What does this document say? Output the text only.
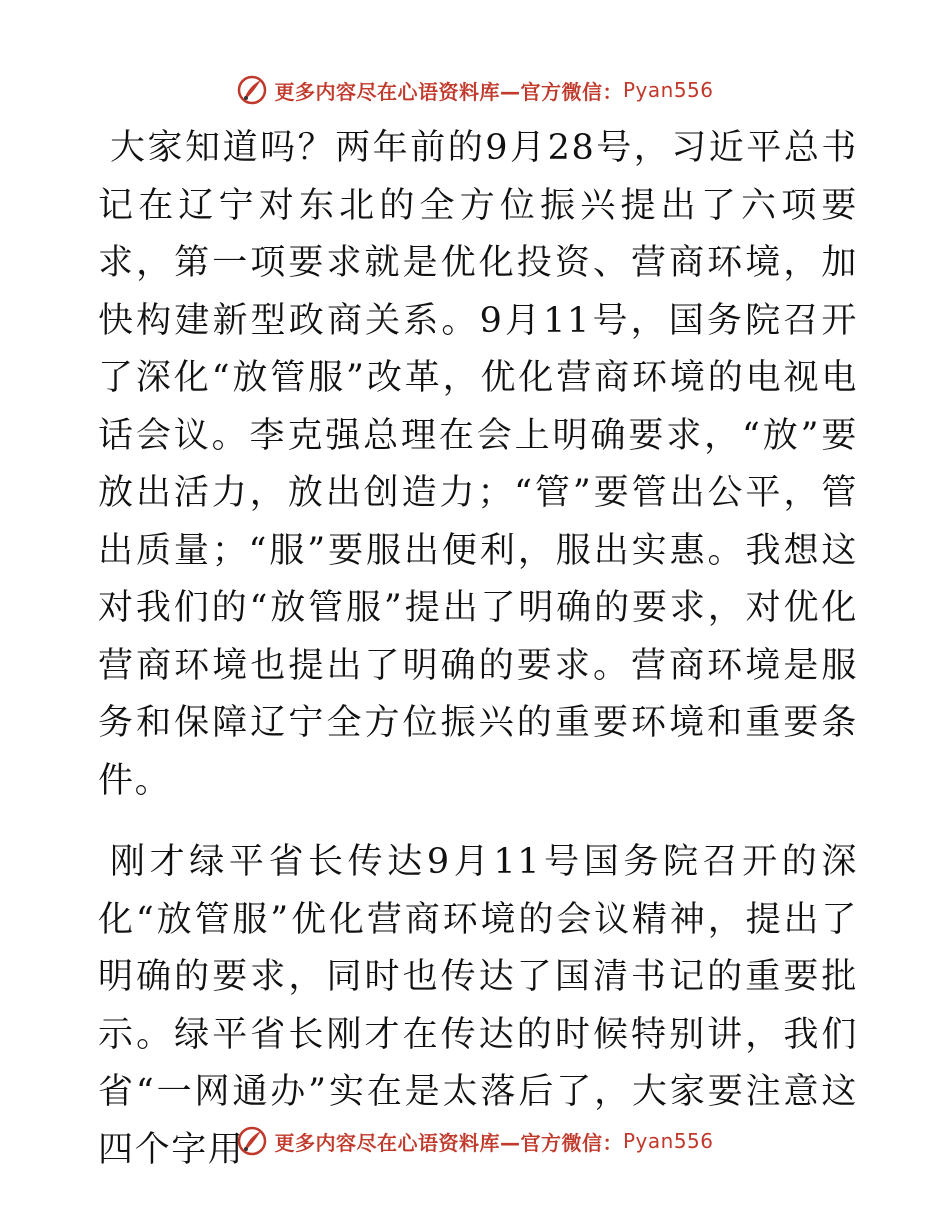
更多内容尽在心语资料库—官方微信： Pyan556

大家知道吗？两年前的9月28号，习近平总书记在辽宁对东北的全方位振兴提出了六项要求，第一项要求就是优化投资、营商环境，加快构建新型政商关系。9月11号，国务院召开了深化“放管服”改革，优化营商环境的电视电话会议。李克强总理在会上明确要求，“放”要放出活力，放出创造力；“管”要管出公平，管出质量；“服”要服出便利，服出实惠。我想这对我们的“放管服”提出了明确的要求，对优化营商环境也提出了明确的要求。营商环境是服务和保障辽宁全方位振兴的重要环境和重要条件。

刚才绿平省长传达9月11号国务院召开的深化“放管服”优化营商环境的会议精神，提出了明确的要求，同时也传达了国清书记的重要批示。绿平省长刚才在传达的时候特别讲，我们省“一网通办”实在是太落后了，大家要注意这四个字用	更多内容尽在心语资料库—官方微信： Pyan556
